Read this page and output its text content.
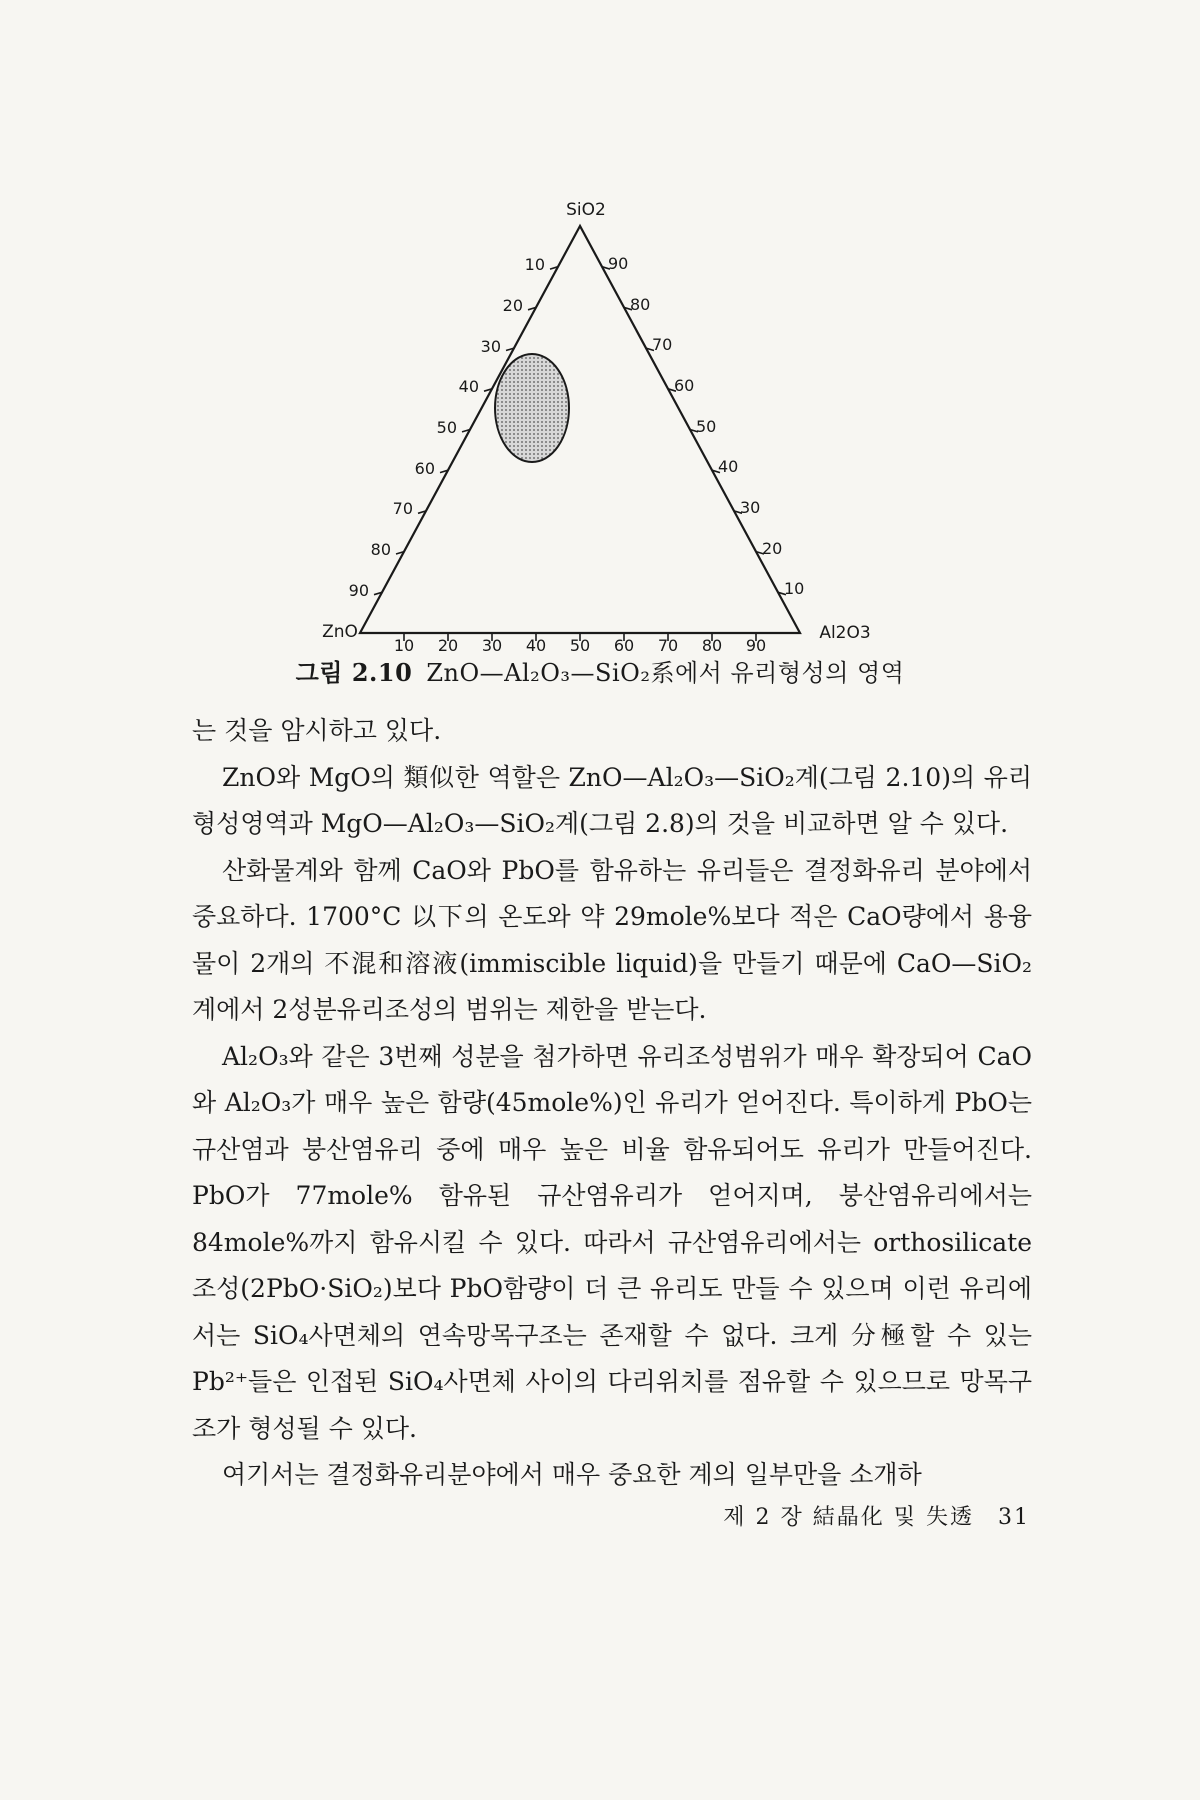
SiO2
ZnO	Al2O3
10
20
30
40
50
60
70
80
90
90
80
70
60
50
40
30
20
10
10 20 30 40 50 60 70 80 90
그림 2.10 ZnO—Al₂O₃—SiO₂系에서 유리형성의 영역

는 것을 암시하고 있다.

ZnO와 MgO의 類似한 역할은 ZnO—Al₂O₃—SiO₂계(그림 2.10)의 유리형성영역과 MgO—Al₂O₃—SiO₂계(그림 2.8)의 것을 비교하면 알 수 있다.

산화물계와 함께 CaO와 PbO를 함유하는 유리들은 결정화유리 분야에서 중요하다. 1700°C 以下의 온도와 약 29mole%보다 적은 CaO량에서 용융물이 2개의 不混和溶液(immiscible liquid)을 만들기 때문에 CaO—SiO₂계에서 2성분유리조성의 범위는 제한을 받는다.

Al₂O₃와 같은 3번째 성분을 첨가하면 유리조성범위가 매우 확장되어 CaO와 Al₂O₃가 매우 높은 함량(45mole%)인 유리가 얻어진다. 특이하게 PbO는 규산염과 붕산염유리 중에 매우 높은 비율 함유되어도 유리가 만들어진다. PbO가 77mole% 함유된 규산염유리가 얻어지며, 붕산염유리에서는 84mole%까지 함유시킬 수 있다. 따라서 규산염유리에서는 orthosilicate 조성(2PbO·SiO₂)보다 PbO함량이 더 큰 유리도 만들 수 있으며 이런 유리에서는 SiO₄사면체의 연속망목구조는 존재할 수 없다. 크게 分極할 수 있는 Pb²⁺들은 인접된 SiO₄사면체 사이의 다리위치를 점유할 수 있으므로 망목구조가 형성될 수 있다.

여기서는 결정화유리분야에서 매우 중요한 계의 일부만을 소개하

제 2 장 結晶化 및 失透 31
